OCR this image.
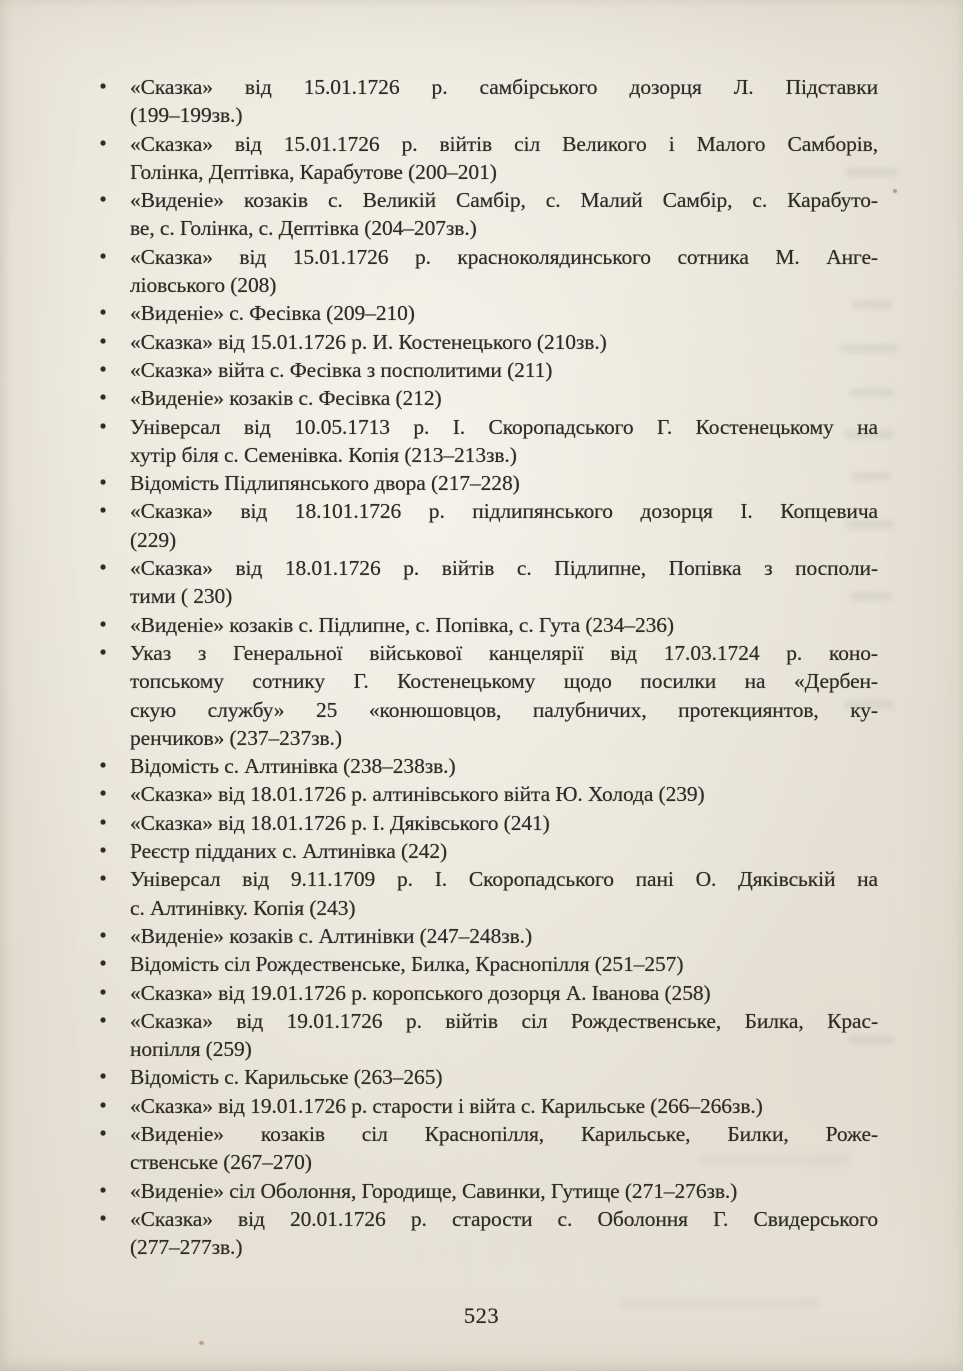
• «Сказка» від 15.01.1726 р. самбірського дозорця Л. Підставки
(199–199зв.)
• «Сказка» від 15.01.1726 р. війтів сіл Великого і Малого Самборів,
Голінка, Дептівка, Карабутове (200–201)
• «Виденіе» козаків с. Великій Самбір, с. Малий Самбір, с. Карабуто-
ве, с. Голінка, с. Дептівка (204–207зв.)
• «Сказка» від 15.01.1726 р. красноколядинського сотника М. Анге-
ліовського (208)
• «Виденіе» с. Фесівка (209–210)
• «Сказка» від 15.01.1726 р. И. Костенецького (210зв.)
• «Сказка» війта с. Фесівка з посполитими (211)
• «Виденіе» козаків с. Фесівка (212)
• Універсал від 10.05.1713 р. І. Скоропадського Г. Костенецькому на
хутір біля с. Семенівка. Копія (213–213зв.)
• Відомість Підлипянського двора (217–228)
• «Сказка» від 18.101.1726 р. підлипянського дозорця І. Копцевича
(229)
• «Сказка» від 18.01.1726 р. війтів с. Підлипне, Попівка з посполи-
тими ( 230)
• «Виденіе» козаків с. Підлипне, с. Попівка, с. Гута (234–236)
• Указ з Генеральної військової канцелярії від 17.03.1724 р. коно-
топському сотнику Г. Костенецькому щодо посилки на «Дербен-
скую службу» 25 «конюшовцов, палубничих, протекциянтов, ку-
ренчиков» (237–237зв.)
• Відомість с. Алтинівка (238–238зв.)
• «Сказка» від 18.01.1726 р. алтинівського війта Ю. Холода (239)
• «Сказка» від 18.01.1726 р. І. Дяківського (241)
• Реєстр підданих с. Алтинівка (242)
• Універсал від 9.11.1709 р. І. Скоропадського пані О. Дяківській на
с. Алтинівку. Копія (243)
• «Виденіе» козаків с. Алтинівки (247–248зв.)
• Відомість сіл Рождественське, Билка, Краснопілля (251–257)
• «Сказка» від 19.01.1726 р. коропського дозорця А. Іванова (258)
• «Сказка» від 19.01.1726 р. війтів сіл Рождественське, Билка, Крас-
нопілля (259)
• Відомість с. Карильське (263–265)
• «Сказка» від 19.01.1726 р. старости і війта с. Карильське (266–266зв.)
• «Виденіе» козаків сіл Краснопілля, Карильське, Билки, Роже-
ственське (267–270)
• «Виденіе» сіл Оболоння, Городище, Савинки, Гутище (271–276зв.)
• «Сказка» від 20.01.1726 р. старости с. Оболоння Г. Свидерського
(277–277зв.)
523
